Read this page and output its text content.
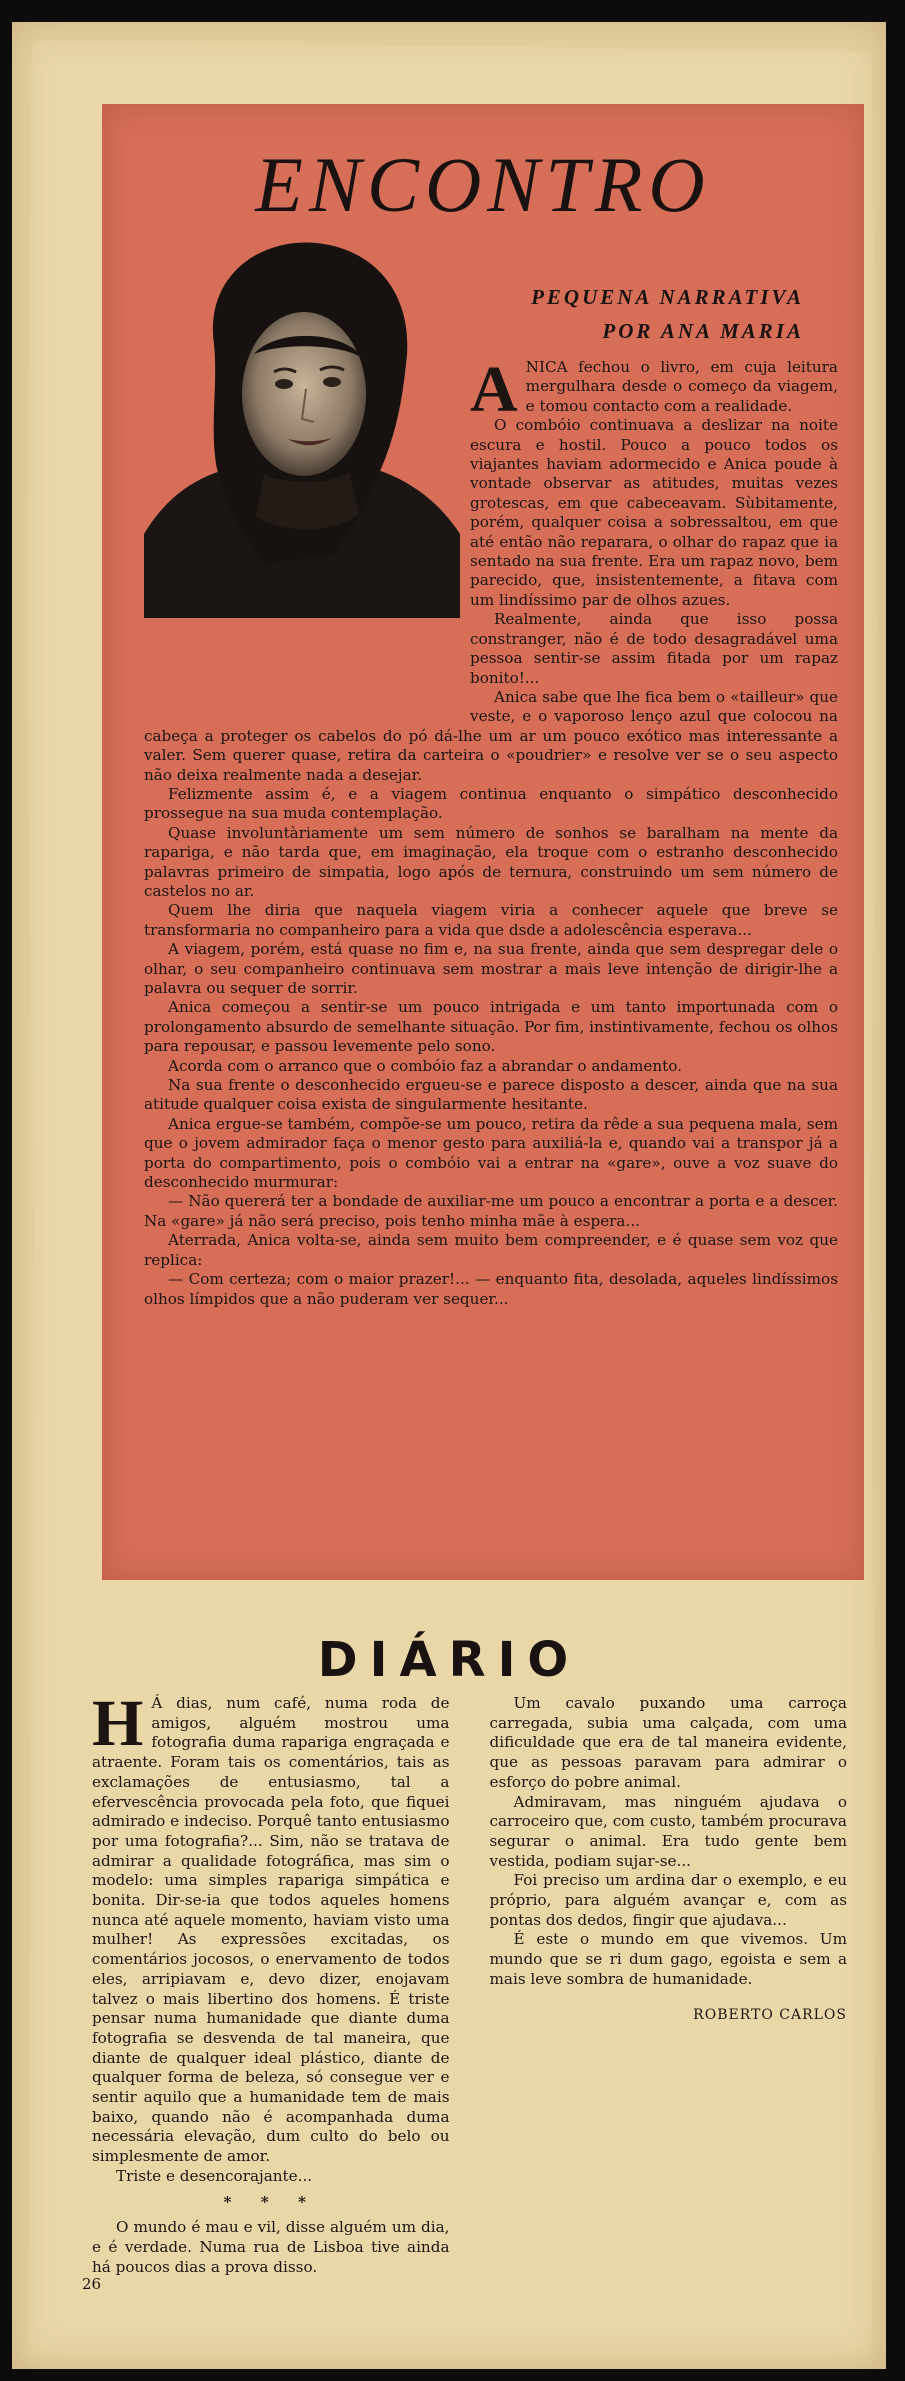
ENCONTRO
PEQUENA NARRATIVA
POR ANA MARIA

ANICA fechou o livro, em cuja leitura mergulhara desde o começo da viagem, e tomou contacto com a realidade.

O combóio continuava a deslizar na noite escura e hostil. Pouco a pouco todos os viajantes haviam adormecido e Anica poude à vontade observar as atitudes, muitas vezes grotescas, em que cabeceavam. Sùbitamente, porém, qualquer coisa a sobressaltou, em que até então não reparara, o olhar do rapaz que ia sentado na sua frente. Era um rapaz novo, bem parecido, que, insistentemente, a fitava com um lindíssimo par de olhos azues.

Realmente, ainda que isso possa constranger, não é de todo desagradável uma pessoa sentir-se assim fitada por um rapaz bonito!...

Anica sabe que lhe fica bem o «tailleur» que veste, e o vaporoso lenço azul que colocou na cabeça a proteger os cabelos do pó dá-lhe um ar um pouco exótico mas interessante a valer. Sem querer quase, retira da carteira o «poudrier» e resolve ver se o seu aspecto não deixa realmente nada a desejar.

Felizmente assim é, e a viagem continua enquanto o simpático desconhecido prossegue na sua muda contemplação.

Quase involuntàriamente um sem número de sonhos se baralham na mente da rapariga, e não tarda que, em imaginação, ela troque com o estranho desconhecido palavras primeiro de simpatia, logo após de ternura, construindo um sem número de castelos no ar.

Quem lhe diria que naquela viagem viria a conhecer aquele que breve se transformaria no companheiro para a vida que dsde a adolescência esperava...

A viagem, porém, está quase no fim e, na sua frente, ainda que sem despregar dele o olhar, o seu companheiro continuava sem mostrar a mais leve intenção de dirigir-lhe a palavra ou sequer de sorrir.

Anica começou a sentir-se um pouco intrigada e um tanto importunada com o prolongamento absurdo de semelhante situação. Por fim, instintivamente, fechou os olhos para repousar, e passou levemente pelo sono.

Acorda com o arranco que o combóio faz a abrandar o andamento.

Na sua frente o desconhecido ergueu-se e parece disposto a descer, ainda que na sua atitude qualquer coisa exista de singularmente hesitante.

Anica ergue-se também, compõe-se um pouco, retira da rêde a sua pequena mala, sem que o jovem admirador faça o menor gesto para auxiliá-la e, quando vai a transpor já a porta do compartimento, pois o combóio vai a entrar na «gare», ouve a voz suave do desconhecido murmurar:

— Não quererá ter a bondade de auxiliar-me um pouco a encontrar a porta e a descer. Na «gare» já não será preciso, pois tenho minha mãe à espera...

Aterrada, Anica volta-se, ainda sem muito bem compreender, e é quase sem voz que replica:

— Com certeza; com o maior prazer!... — enquanto fita, desolada, aqueles lindíssimos olhos límpidos que a não puderam ver sequer...

DIÁRIO

H Á dias, num café, numa roda de amigos, alguém mostrou uma fotografia duma rapariga engraçada e atraente. Foram tais os comentários, tais as exclamações de entusiasmo, tal a efervescência provocada pela foto, que fiquei admirado e indeciso. Porquê tanto entusiasmo por uma fotografia?... Sim, não se tratava de admirar a qualidade fotográfica, mas sim o modelo: uma simples rapariga simpática e bonita. Dir-se-ia que todos aqueles homens nunca até aquele momento, haviam visto uma mulher! As expressões excitadas, os comentários jocosos, o enervamento de todos eles, arripiavam e, devo dizer, enojavam talvez o mais libertino dos homens. É triste pensar numa humanidade que diante duma fotografia se desvenda de tal maneira, que diante de qualquer ideal plástico, diante de qualquer forma de beleza, só consegue ver e sentir aquilo que a humanidade tem de mais baixo, quando não é acompanhada duma necessária elevação, dum culto do belo ou simplesmente de amor.

Triste e desencorajante...

* * *

O mundo é mau e vil, disse alguém um dia, e é verdade. Numa rua de Lisboa tive ainda há poucos dias a prova disso.

Um cavalo puxando uma carroça carregada, subia uma calçada, com uma dificuldade que era de tal maneira evidente, que as pessoas paravam para admirar o esforço do pobre animal.

Admiravam, mas ninguém ajudava o carroceiro que, com custo, também procurava segurar o animal. Era tudo gente bem vestida, podiam sujar-se...

Foi preciso um ardina dar o exemplo, e eu próprio, para alguém avançar e, com as pontas dos dedos, fingir que ajudava...

É este o mundo em que vivemos. Um mundo que se ri dum gago, egoista e sem a mais leve sombra de humanidade.

ROBERTO CARLOS

26
